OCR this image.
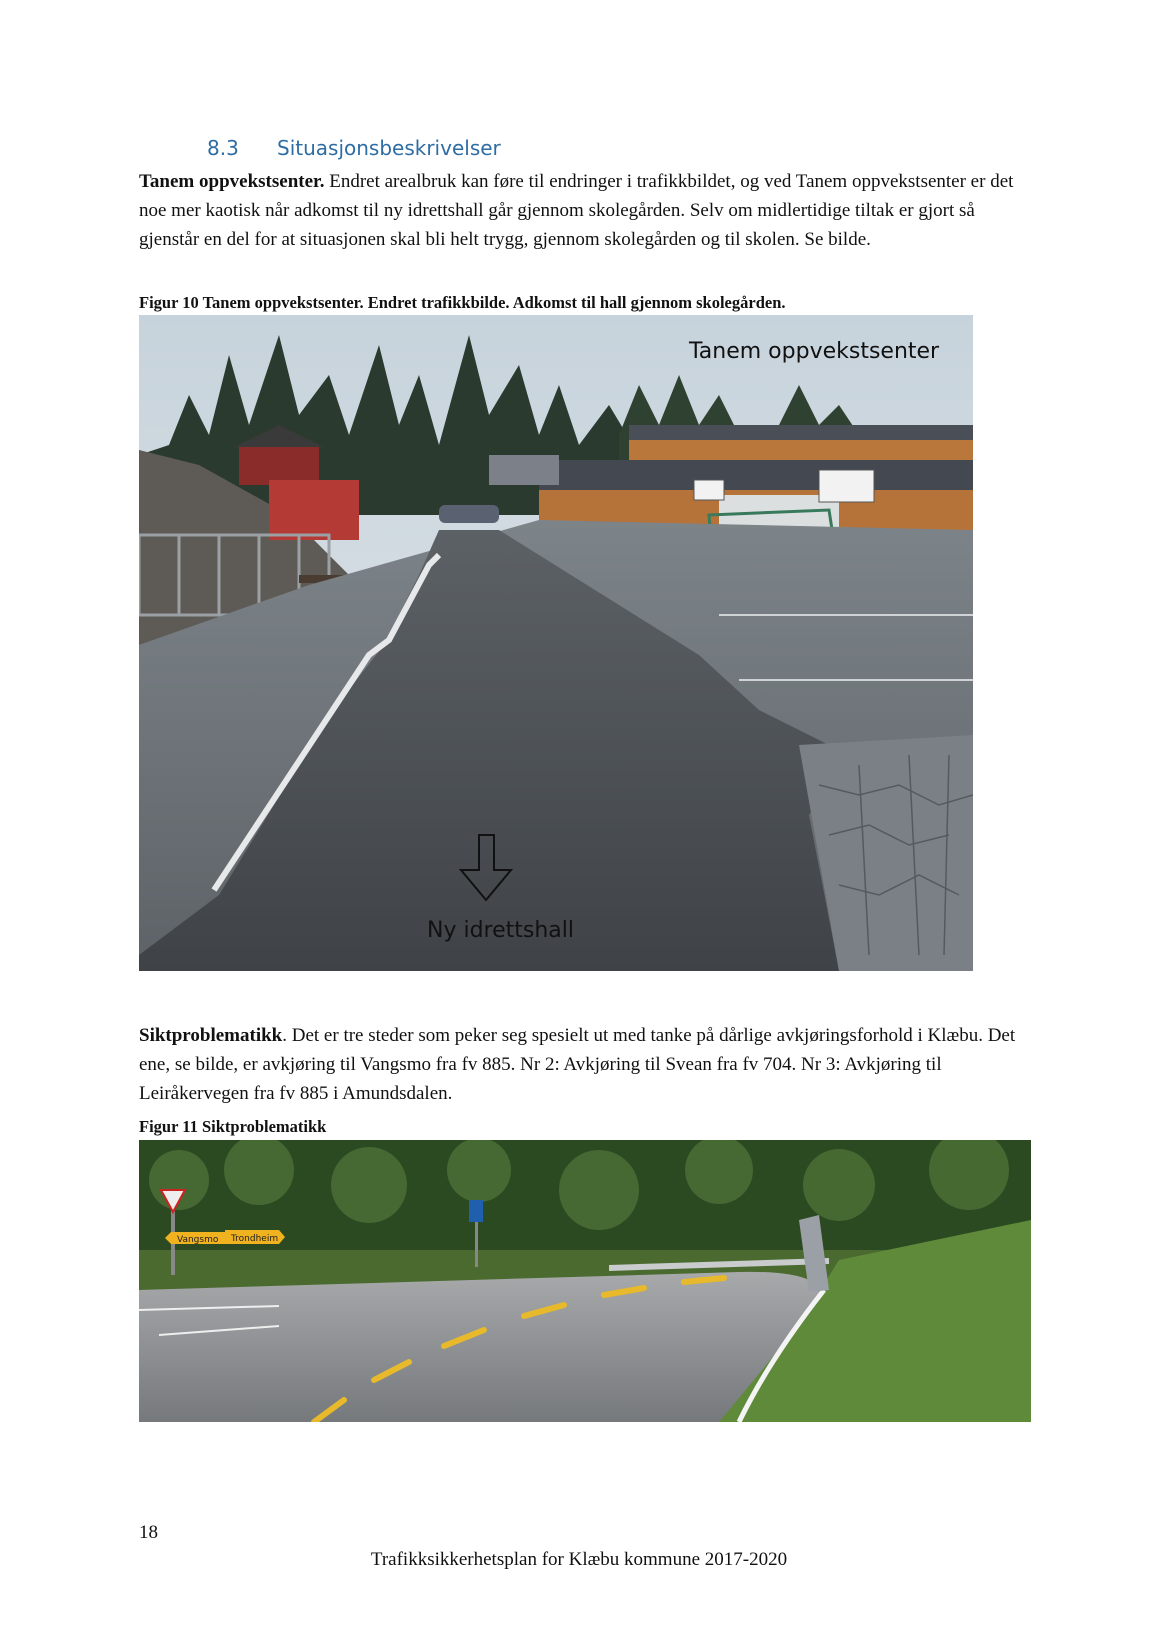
8.3 Situasjonsbeskrivelser
Tanem oppvekstsenter. Endret arealbruk kan føre til endringer i trafikkbildet, og ved Tanem oppvekstsenter er det noe mer kaotisk når adkomst til ny idrettshall går gjennom skolegården. Selv om midlertidige tiltak er gjort så gjenstår en del for at situasjonen skal bli helt trygg, gjennom skolegården og til skolen. Se bilde.
Figur 10 Tanem oppvekstsenter. Endret trafikkbilde. Adkomst til hall gjennom skolegården.
Tanem oppvekstsenter
Ny idrettshall
Siktproblematikk. Det er tre steder som peker seg spesielt ut med tanke på dårlige avkjøringsforhold i Klæbu. Det ene, se bilde, er avkjøring til Vangsmo fra fv 885. Nr 2: Avkjøring til Svean fra fv 704. Nr 3: Avkjøring til Leiråkervegen fra fv 885 i Amundsdalen.
Figur 11 Siktproblematikk
Vangsmo Trondheim
18
Trafikksikkerhetsplan for Klæbu kommune 2017-2020
